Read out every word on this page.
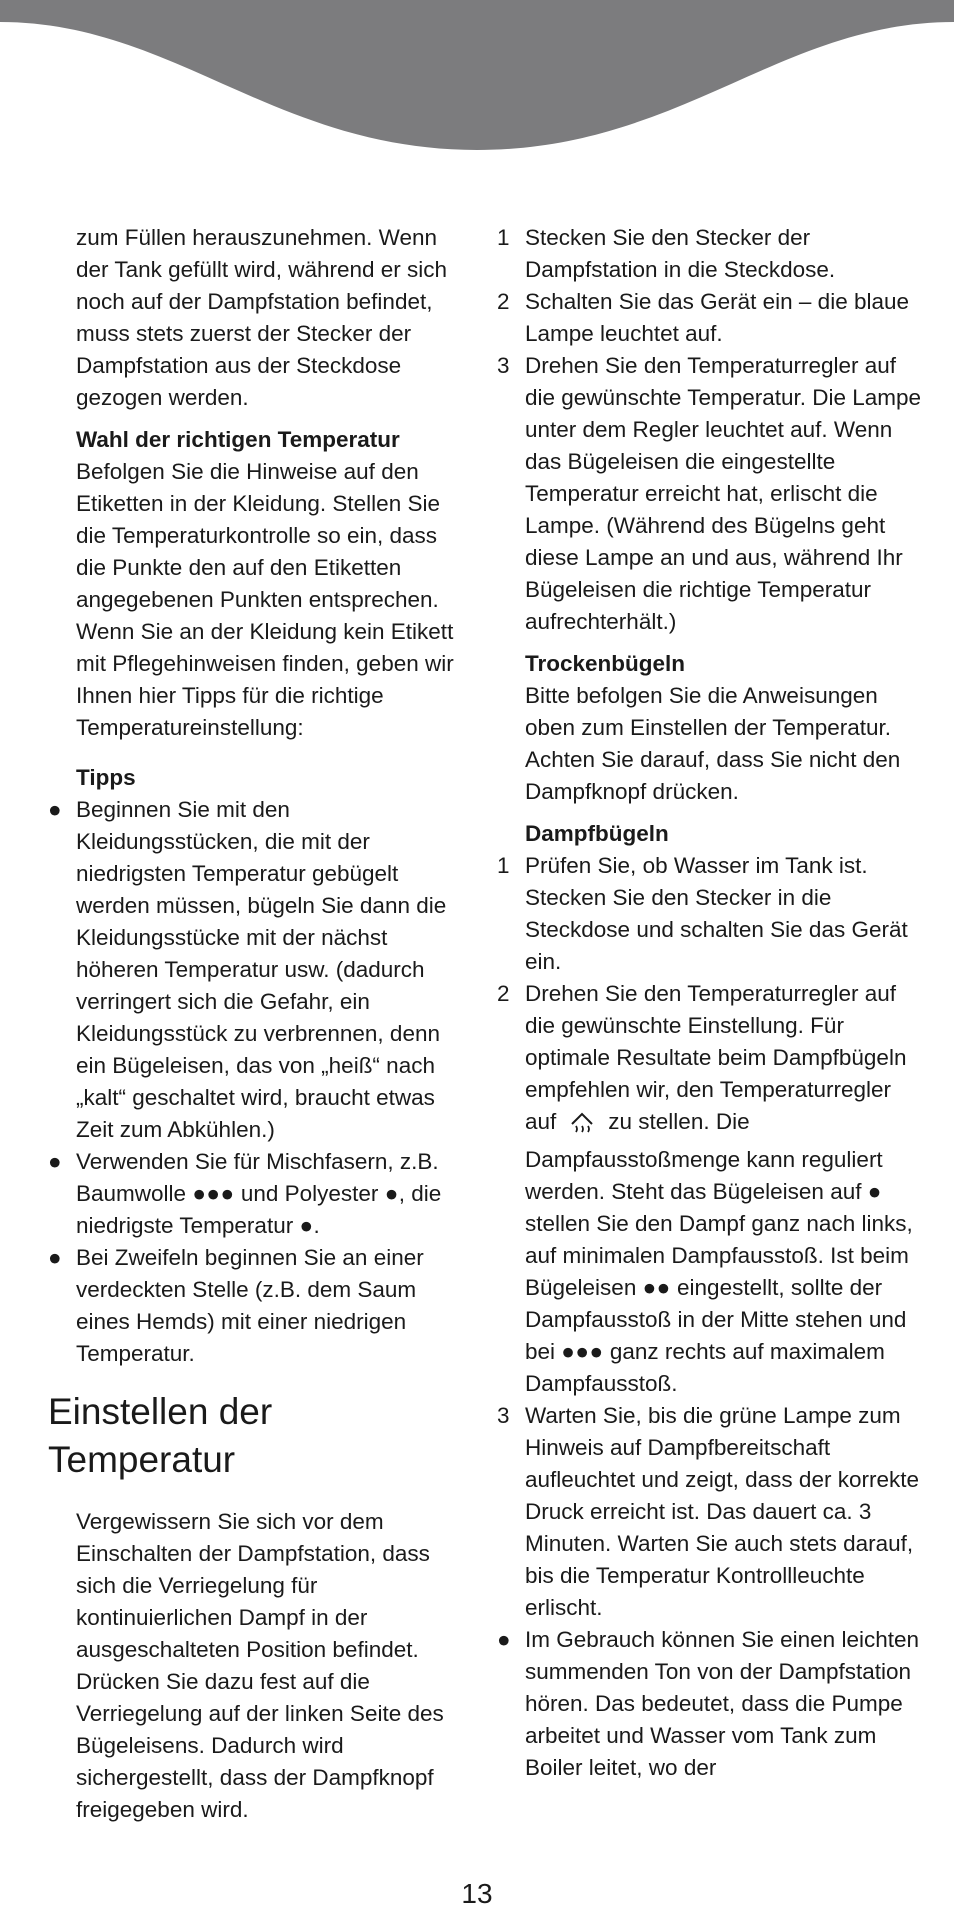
zum Füllen herauszunehmen. Wenn der Tank gefüllt wird, während er sich noch auf der Dampfstation befindet, muss stets zuerst der Stecker der Dampfstation aus der Steckdose gezogen werden.

Wahl der richtigen Temperatur

Befolgen Sie die Hinweise auf den Etiketten in der Kleidung. Stellen Sie die Temperaturkontrolle so ein, dass die Punkte den auf den Etiketten angegebenen Punkten entsprechen. Wenn Sie an der Kleidung kein Etikett mit Pflegehinweisen finden, geben wir Ihnen hier Tipps für die richtige Temperatureinstellung:

Tipps

● Beginnen Sie mit den Kleidungsstücken, die mit der niedrigsten Temperatur gebügelt werden müssen, bügeln Sie dann die Kleidungsstücke mit der nächst höheren Temperatur usw. (dadurch verringert sich die Gefahr, ein Kleidungsstück zu verbrennen, denn ein Bügeleisen, das von „heiß“ nach „kalt“ geschaltet wird, braucht etwas Zeit zum Abkühlen.)
● Verwenden Sie für Mischfasern, z.B. Baumwolle ●●● und Polyester ●, die niedrigste Temperatur ●.
● Bei Zweifeln beginnen Sie an einer verdeckten Stelle (z.B. dem Saum eines Hemds) mit einer niedrigen Temperatur.
Einstellen der
Temperatur

Vergewissern Sie sich vor dem Einschalten der Dampfstation, dass sich die Verriegelung für kontinuierlichen Dampf in der ausgeschalteten Position befindet. Drücken Sie dazu fest auf die Verriegelung auf der linken Seite des Bügeleisens. Dadurch wird sichergestellt, dass der Dampfknopf freigegeben wird.

1 Stecken Sie den Stecker der Dampfstation in die Steckdose.
2 Schalten Sie das Gerät ein – die blaue Lampe leuchtet auf.
3 Drehen Sie den Temperaturregler auf die gewünschte Temperatur. Die Lampe unter dem Regler leuchtet auf. Wenn das Bügeleisen die eingestellte Temperatur erreicht hat, erlischt die Lampe. (Während des Bügelns geht diese Lampe an und aus, während Ihr Bügeleisen die richtige Temperatur aufrechterhält.)

Trockenbügeln

Bitte befolgen Sie die Anweisungen oben zum Einstellen der Temperatur. Achten Sie darauf, dass Sie nicht den Dampfknopf drücken.

Dampfbügeln

1 Prüfen Sie, ob Wasser im Tank ist. Stecken Sie den Stecker in die Steckdose und schalten Sie das Gerät ein.
2 Drehen Sie den Temperaturregler auf die gewünschte Einstellung. Für optimale Resultate beim Dampfbügeln empfehlen wir, den Temperaturregler auf zu stellen. Die Dampfausstoßmenge kann reguliert werden. Steht das Bügeleisen auf ● stellen Sie den Dampf ganz nach links, auf minimalen Dampfausstoß. Ist beim Bügeleisen ●● eingestellt, sollte der Dampfausstoß in der Mitte stehen und bei ●●● ganz rechts auf maximalem Dampfausstoß.
3 Warten Sie, bis die grüne Lampe zum Hinweis auf Dampfbereitschaft aufleuchtet und zeigt, dass der korrekte Druck erreicht ist. Das dauert ca. 3 Minuten. Warten Sie auch stets darauf, bis die Temperatur Kontrollleuchte erlischt.
● Im Gebrauch können Sie einen leichten summenden Ton von der Dampfstation hören. Das bedeutet, dass die Pumpe arbeitet und Wasser vom Tank zum Boiler leitet, wo der
13
